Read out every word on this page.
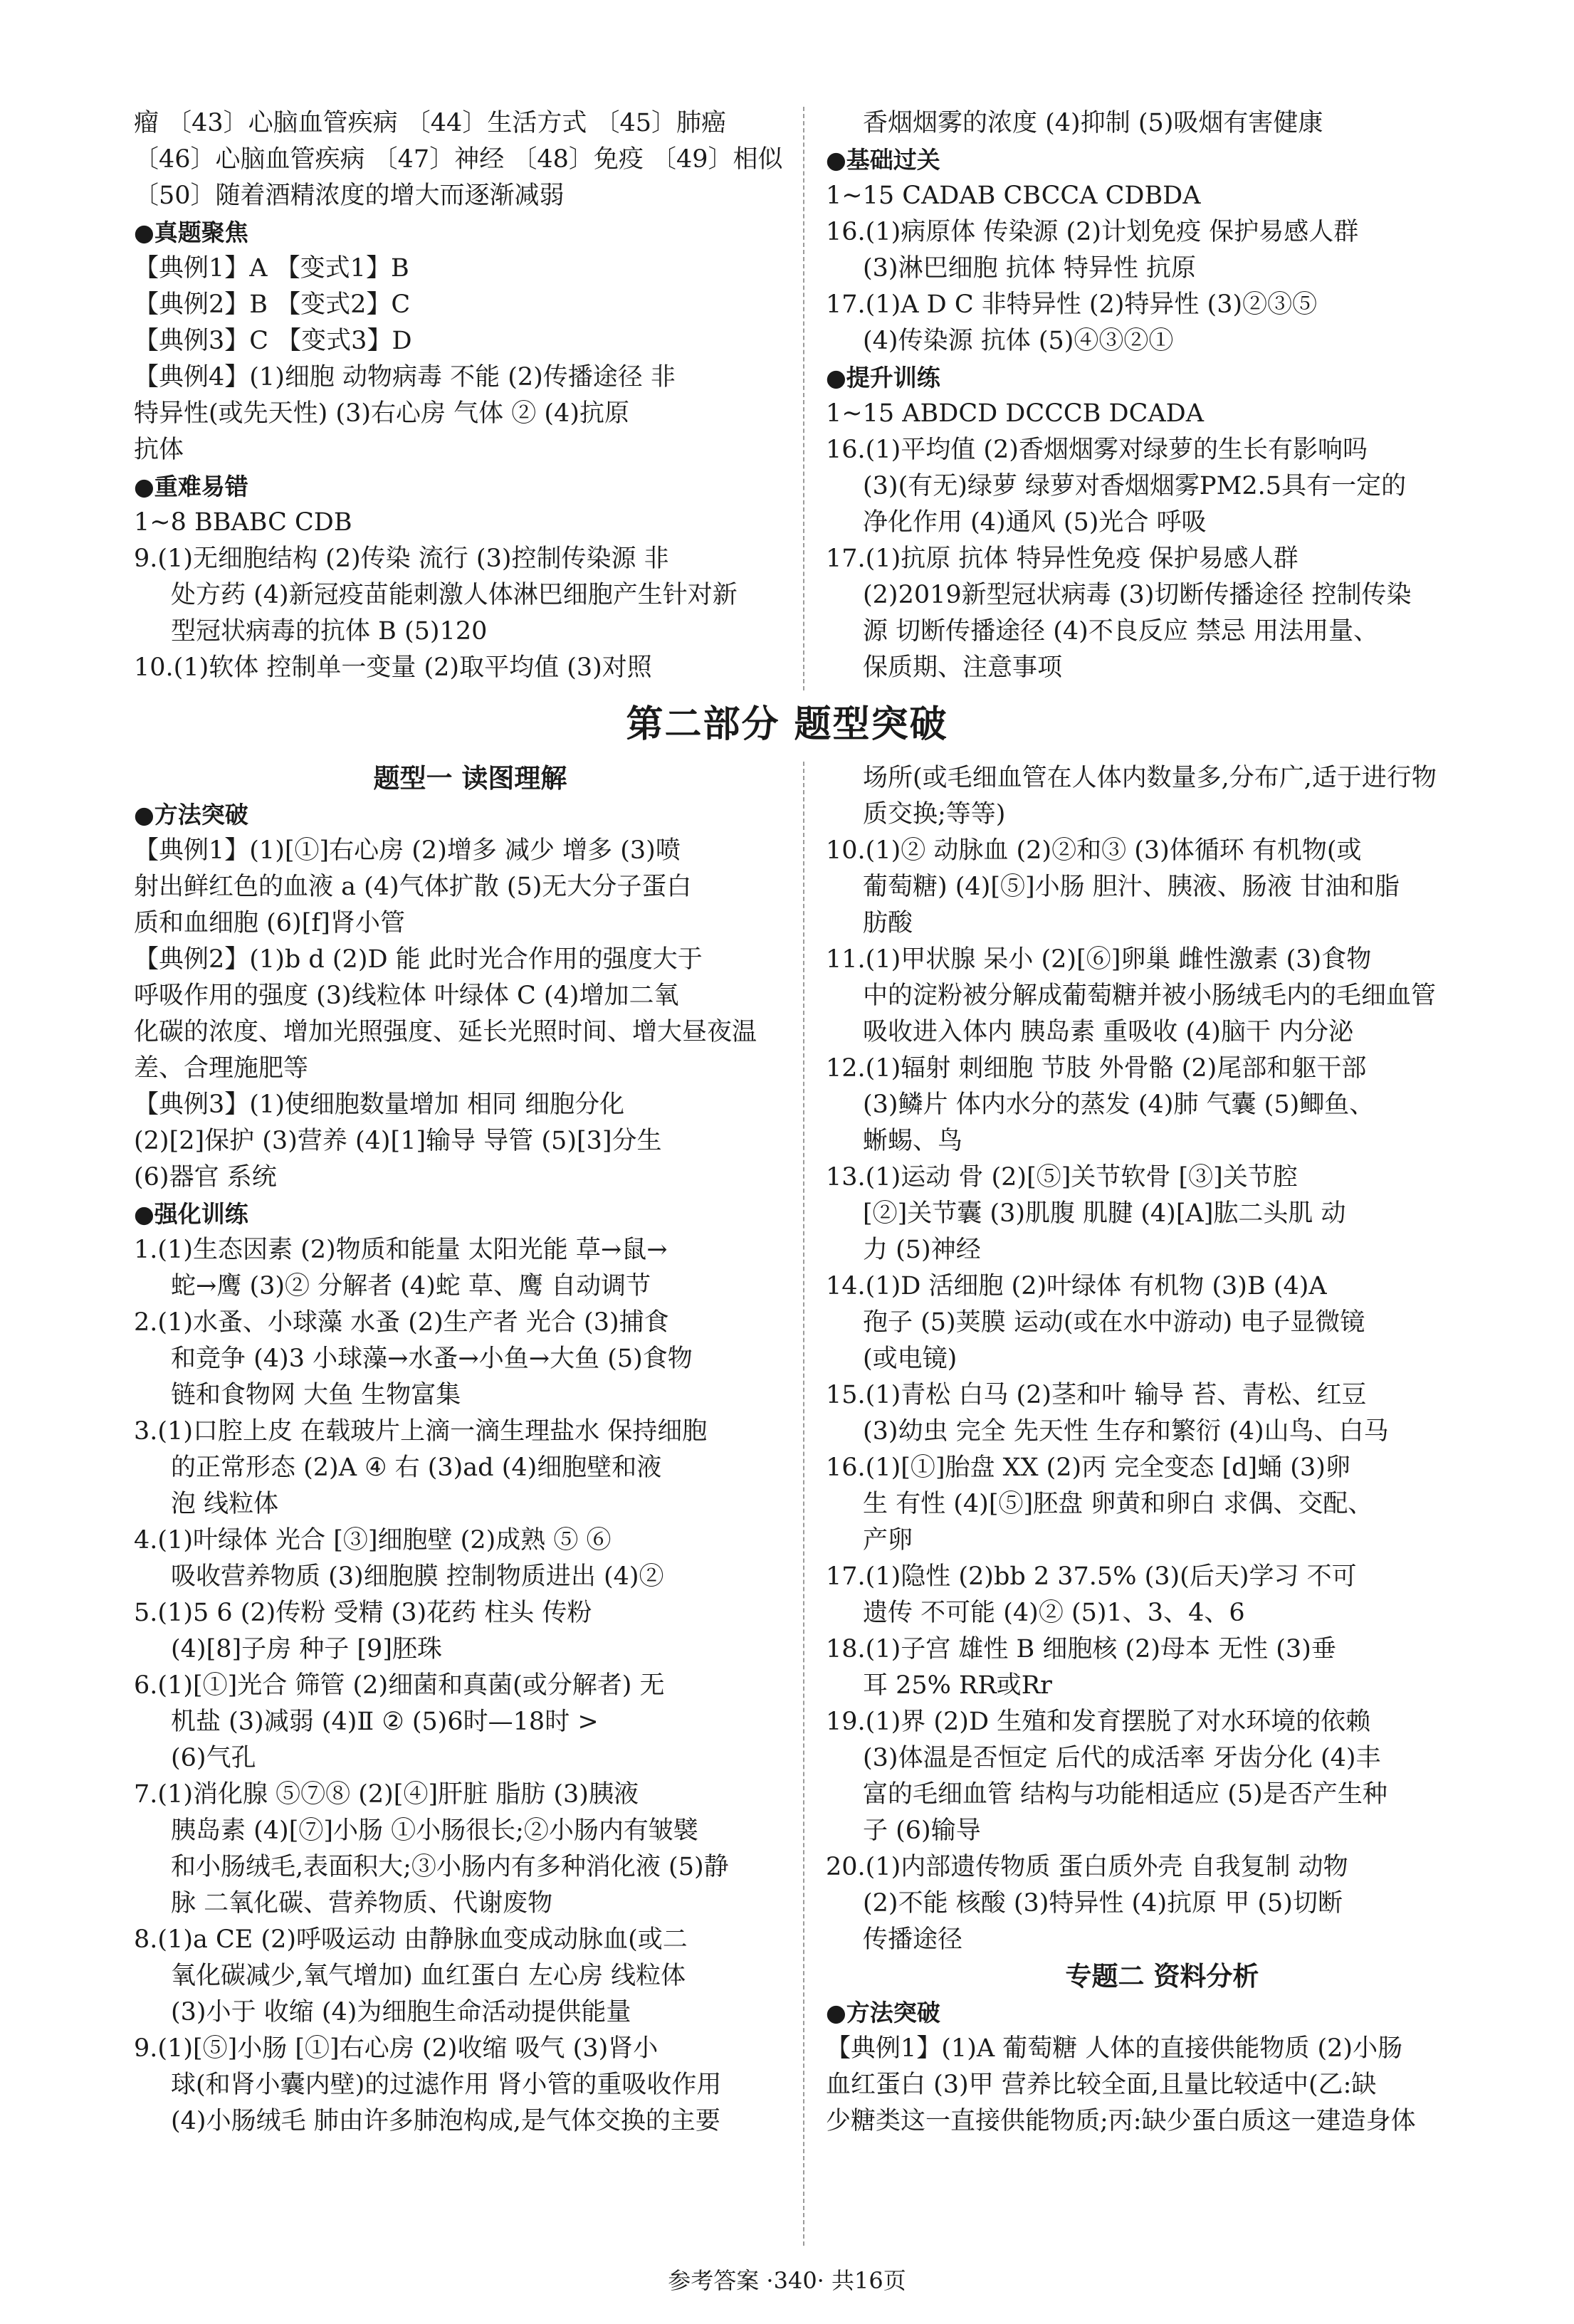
瘤 〔43〕心脑血管疾病 〔44〕生活方式 〔45〕肺癌
〔46〕心脑血管疾病 〔47〕神经 〔48〕免疫 〔49〕相似
〔50〕随着酒精浓度的增大而逐渐减弱
●真题聚焦
【典例1】A 【变式1】B
【典例2】B 【变式2】C
【典例3】C 【变式3】D
【典例4】(1)细胞 动物病毒 不能 (2)传播途径 非
特异性(或先天性) (3)右心房 气体 ② (4)抗原
抗体
●重难易错
1~8 BBABC CDB
9.(1)无细胞结构 (2)传染 流行 (3)控制传染源 非
处方药 (4)新冠疫苗能刺激人体淋巴细胞产生针对新
型冠状病毒的抗体 B (5)120
10.(1)软体 控制单一变量 (2)取平均值 (3)对照
香烟烟雾的浓度 (4)抑制 (5)吸烟有害健康
●基础过关
1~15 CADAB CBCCA CDBDA
16.(1)病原体 传染源 (2)计划免疫 保护易感人群
(3)淋巴细胞 抗体 特异性 抗原
17.(1)A D C 非特异性 (2)特异性 (3)②③⑤
(4)传染源 抗体 (5)④③②①
●提升训练
1~15 ABDCD DCCCB DCADA
16.(1)平均值 (2)香烟烟雾对绿萝的生长有影响吗
(3)(有无)绿萝 绿萝对香烟烟雾PM2.5具有一定的
净化作用 (4)通风 (5)光合 呼吸
17.(1)抗原 抗体 特异性免疫 保护易感人群
(2)2019新型冠状病毒 (3)切断传播途径 控制传染
源 切断传播途径 (4)不良反应 禁忌 用法用量、
保质期、注意事项
第二部分 题型突破
题型一 读图理解
●方法突破
【典例1】(1)[①]右心房 (2)增多 减少 增多 (3)喷
射出鲜红色的血液 a (4)气体扩散 (5)无大分子蛋白
质和血细胞 (6)[f]肾小管
【典例2】(1)b d (2)D 能 此时光合作用的强度大于
呼吸作用的强度 (3)线粒体 叶绿体 C (4)增加二氧
化碳的浓度、增加光照强度、延长光照时间、增大昼夜温
差、合理施肥等
【典例3】(1)使细胞数量增加 相同 细胞分化
(2)[2]保护 (3)营养 (4)[1]输导 导管 (5)[3]分生
(6)器官 系统
●强化训练
1.(1)生态因素 (2)物质和能量 太阳光能 草→鼠→
蛇→鹰 (3)② 分解者 (4)蛇 草、鹰 自动调节
2.(1)水蚤、小球藻 水蚤 (2)生产者 光合 (3)捕食
和竞争 (4)3 小球藻→水蚤→小鱼→大鱼 (5)食物
链和食物网 大鱼 生物富集
3.(1)口腔上皮 在载玻片上滴一滴生理盐水 保持细胞
的正常形态 (2)A ④ 右 (3)ad (4)细胞壁和液
泡 线粒体
4.(1)叶绿体 光合 [③]细胞壁 (2)成熟 ⑤ ⑥
吸收营养物质 (3)细胞膜 控制物质进出 (4)②
5.(1)5 6 (2)传粉 受精 (3)花药 柱头 传粉
(4)[8]子房 种子 [9]胚珠
6.(1)[①]光合 筛管 (2)细菌和真菌(或分解者) 无
机盐 (3)减弱 (4)Ⅱ ② (5)6时—18时 >
(6)气孔
7.(1)消化腺 ⑤⑦⑧ (2)[④]肝脏 脂肪 (3)胰液
胰岛素 (4)[⑦]小肠 ①小肠很长;②小肠内有皱襞
和小肠绒毛,表面积大;③小肠内有多种消化液 (5)静
脉 二氧化碳、营养物质、代谢废物
8.(1)a CE (2)呼吸运动 由静脉血变成动脉血(或二
氧化碳减少,氧气增加) 血红蛋白 左心房 线粒体
(3)小于 收缩 (4)为细胞生命活动提供能量
9.(1)[⑤]小肠 [①]右心房 (2)收缩 吸气 (3)肾小
球(和肾小囊内壁)的过滤作用 肾小管的重吸收作用
(4)小肠绒毛 肺由许多肺泡构成,是气体交换的主要
场所(或毛细血管在人体内数量多,分布广,适于进行物
质交换;等等)
10.(1)② 动脉血 (2)②和③ (3)体循环 有机物(或
葡萄糖) (4)[⑤]小肠 胆汁、胰液、肠液 甘油和脂
肪酸
11.(1)甲状腺 呆小 (2)[⑥]卵巢 雌性激素 (3)食物
中的淀粉被分解成葡萄糖并被小肠绒毛内的毛细血管
吸收进入体内 胰岛素 重吸收 (4)脑干 内分泌
12.(1)辐射 刺细胞 节肢 外骨骼 (2)尾部和躯干部
(3)鳞片 体内水分的蒸发 (4)肺 气囊 (5)鲫鱼、
蜥蜴、鸟
13.(1)运动 骨 (2)[⑤]关节软骨 [③]关节腔
[②]关节囊 (3)肌腹 肌腱 (4)[A]肱二头肌 动
力 (5)神经
14.(1)D 活细胞 (2)叶绿体 有机物 (3)B (4)A
孢子 (5)荚膜 运动(或在水中游动) 电子显微镜
(或电镜)
15.(1)青松 白马 (2)茎和叶 输导 苔、青松、红豆
(3)幼虫 完全 先天性 生存和繁衍 (4)山鸟、白马
16.(1)[①]胎盘 XX (2)丙 完全变态 [d]蛹 (3)卵
生 有性 (4)[⑤]胚盘 卵黄和卵白 求偶、交配、
产卵
17.(1)隐性 (2)bb 2 37.5% (3)(后天)学习 不可
遗传 不可能 (4)② (5)1、3、4、6
18.(1)子宫 雄性 B 细胞核 (2)母本 无性 (3)垂
耳 25% RR或Rr
19.(1)界 (2)D 生殖和发育摆脱了对水环境的依赖
(3)体温是否恒定 后代的成活率 牙齿分化 (4)丰
富的毛细血管 结构与功能相适应 (5)是否产生种
子 (6)输导
20.(1)内部遗传物质 蛋白质外壳 自我复制 动物
(2)不能 核酸 (3)特异性 (4)抗原 甲 (5)切断
传播途径
专题二 资料分析
●方法突破
【典例1】(1)A 葡萄糖 人体的直接供能物质 (2)小肠
血红蛋白 (3)甲 营养比较全面,且量比较适中(乙:缺
少糖类这一直接供能物质;丙:缺少蛋白质这一建造身体
参考答案 ·340· 共16页
